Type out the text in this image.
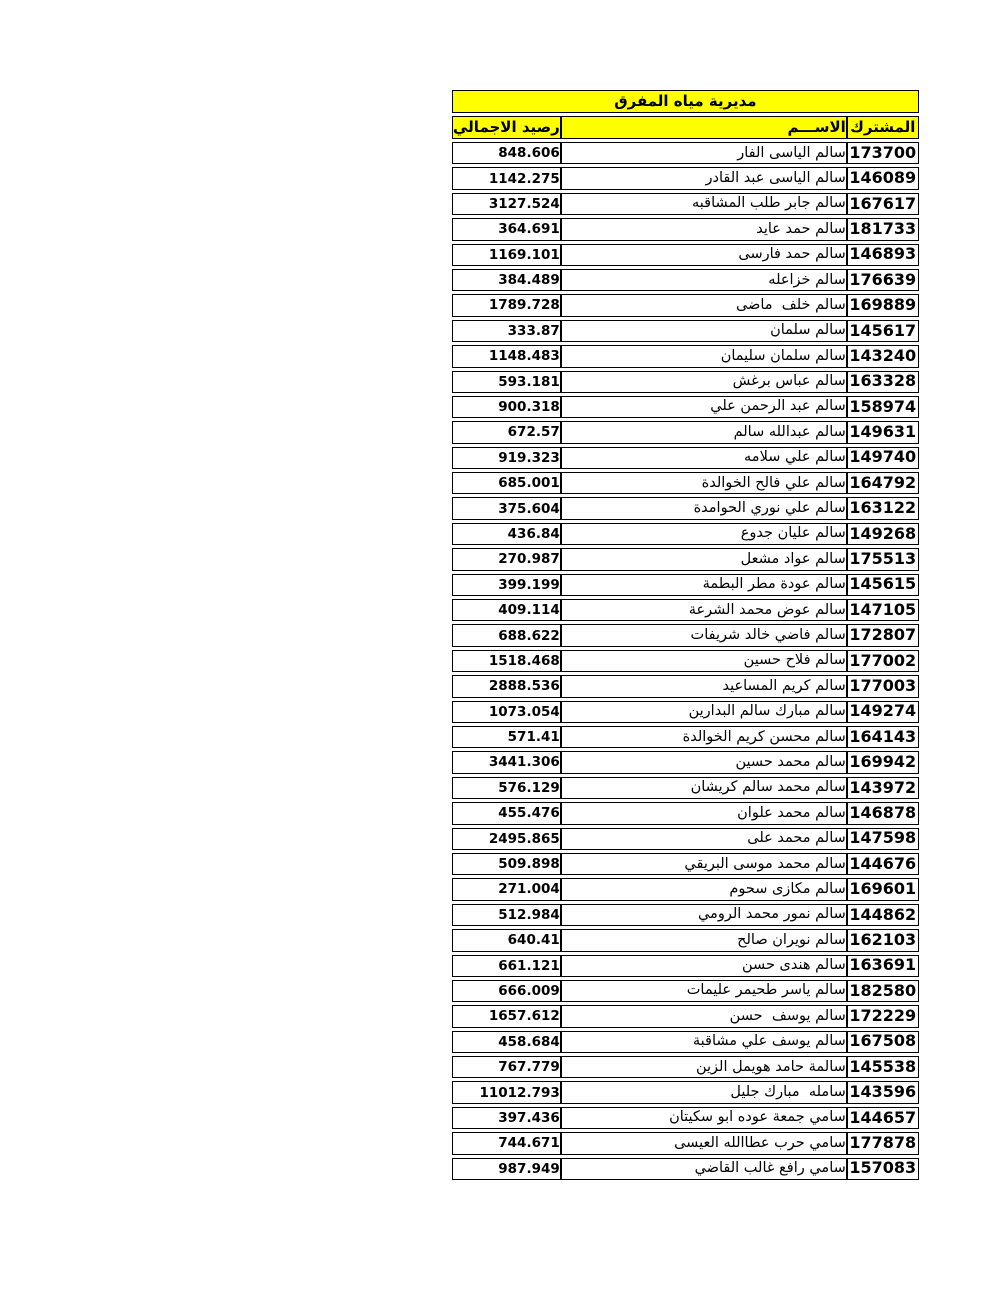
مديرية مياه المفرق		
المشترك	الاســـم	رصيد الاجمالي
173700	سالم الياسى الفار	848.606
146089	سالم الياسى عبد القادر	1142.275
167617	سالم جابر طلب المشاقبه	3127.524
181733	سالم حمد عايد	364.691
146893	سالم حمد فارسى	1169.101
176639	سالم خزاعله	384.489
169889	سالم خلف  ماضى	1789.728
145617	سالم سلمان	333.87
143240	سالم سلمان سليمان	1148.483
163328	سالم عباس برغش	593.181
158974	سالم عبد الرحمن علي	900.318
149631	سالم عبدالله سالم	672.57
149740	سالم علي سلامه	919.323
164792	سالم علي فالح الخوالدة	685.001
163122	سالم علي نوري الحوامدة	375.604
149268	سالم عليان جدوع	436.84
175513	سالم عواد مشعل	270.987
145615	سالم عودة مطر البطمة	399.199
147105	سالم عوض محمد الشرعة	409.114
172807	سالم فاضي خالد شريفات	688.622
177002	سالم فلاح حسين	1518.468
177003	سالم كريم المساعيد	2888.536
149274	سالم مبارك سالم البدارين	1073.054
164143	سالم محسن كريم الخوالدة	571.41
169942	سالم محمد حسين	3441.306
143972	سالم محمد سالم كريشان	576.129
146878	سالم محمد علوان	455.476
147598	سالم محمد على	2495.865
144676	سالم محمد موسى البريقي	509.898
169601	سالم مكازى سحوم	271.004
144862	سالم نمور محمد الرومي	512.984
162103	سالم نويران صالح	640.41
163691	سالم هندى حسن	661.121
182580	سالم ياسر طحيمر عليمات	666.009
172229	سالم يوسف  حسن	1657.612
167508	سالم يوسف علي مشاقبة	458.684
145538	سالمة حامد هويمل الزين	767.779
143596	سامله  مبارك جليل	11012.793
144657	سامي جمعة عوده ابو سكيتان	397.436
177878	سامي حرب عطاالله العيسى	744.671
157083	سامي رافع غالب القاضي	987.949
